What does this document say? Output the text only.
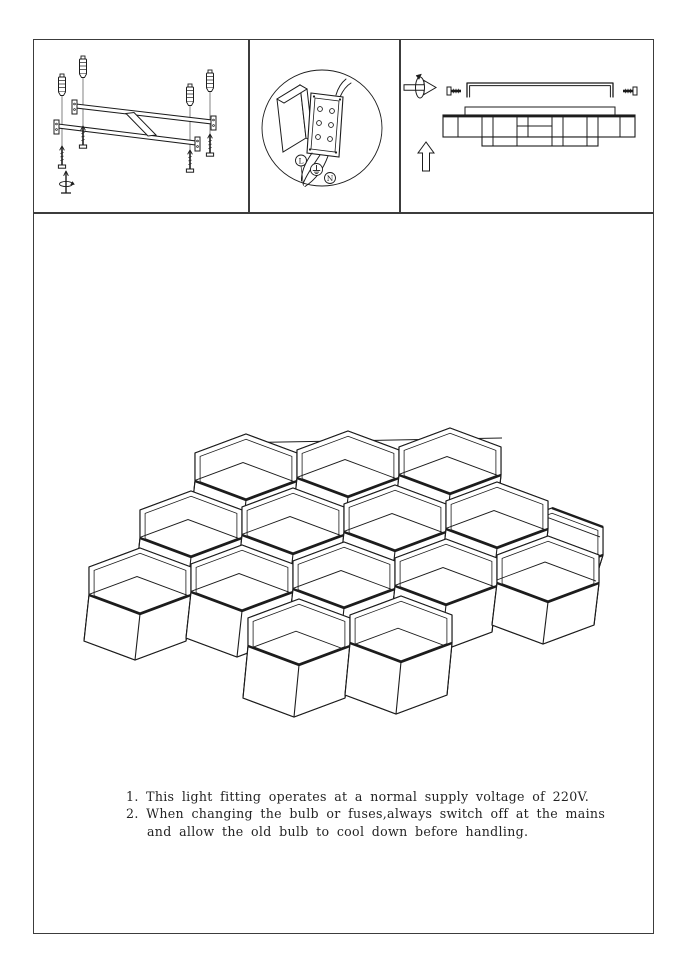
L
N
1. This light fitting operates at a normal supply voltage of 220V.
2. When changing the bulb or fuses,always switch off at the mains
and allow the old bulb to cool down before handling.
